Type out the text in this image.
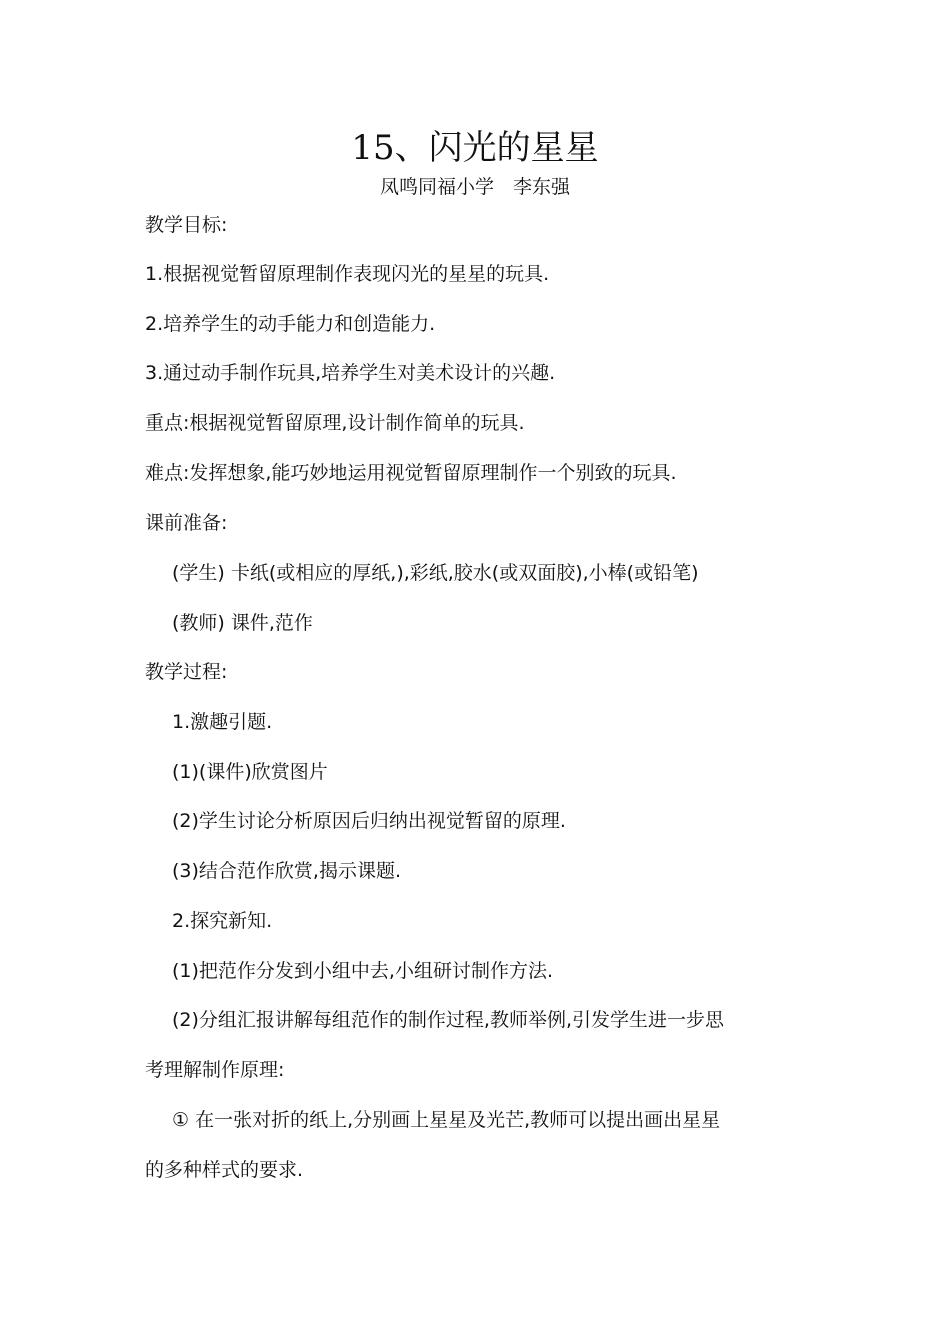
15、闪光的星星
凤鸣同福小学　李东强
教学目标:
1.根据视觉暂留原理制作表现闪光的星星的玩具.
2.培养学生的动手能力和创造能力.
3.通过动手制作玩具,培养学生对美术设计的兴趣.
重点:根据视觉暂留原理,设计制作简单的玩具.
难点:发挥想象,能巧妙地运用视觉暂留原理制作一个别致的玩具.
课前准备:
(学生) 卡纸(或相应的厚纸,),彩纸,胶水(或双面胶),小棒(或铅笔)
(教师) 课件,范作
教学过程:
1.激趣引题.
(1)(课件)欣赏图片
(2)学生讨论分析原因后归纳出视觉暂留的原理.
(3)结合范作欣赏,揭示课题.
2.探究新知.
(1)把范作分发到小组中去,小组研讨制作方法.
(2)分组汇报讲解每组范作的制作过程,教师举例,引发学生进一步思
考理解制作原理:
① 在一张对折的纸上,分别画上星星及光芒,教师可以提出画出星星
的多种样式的要求.
